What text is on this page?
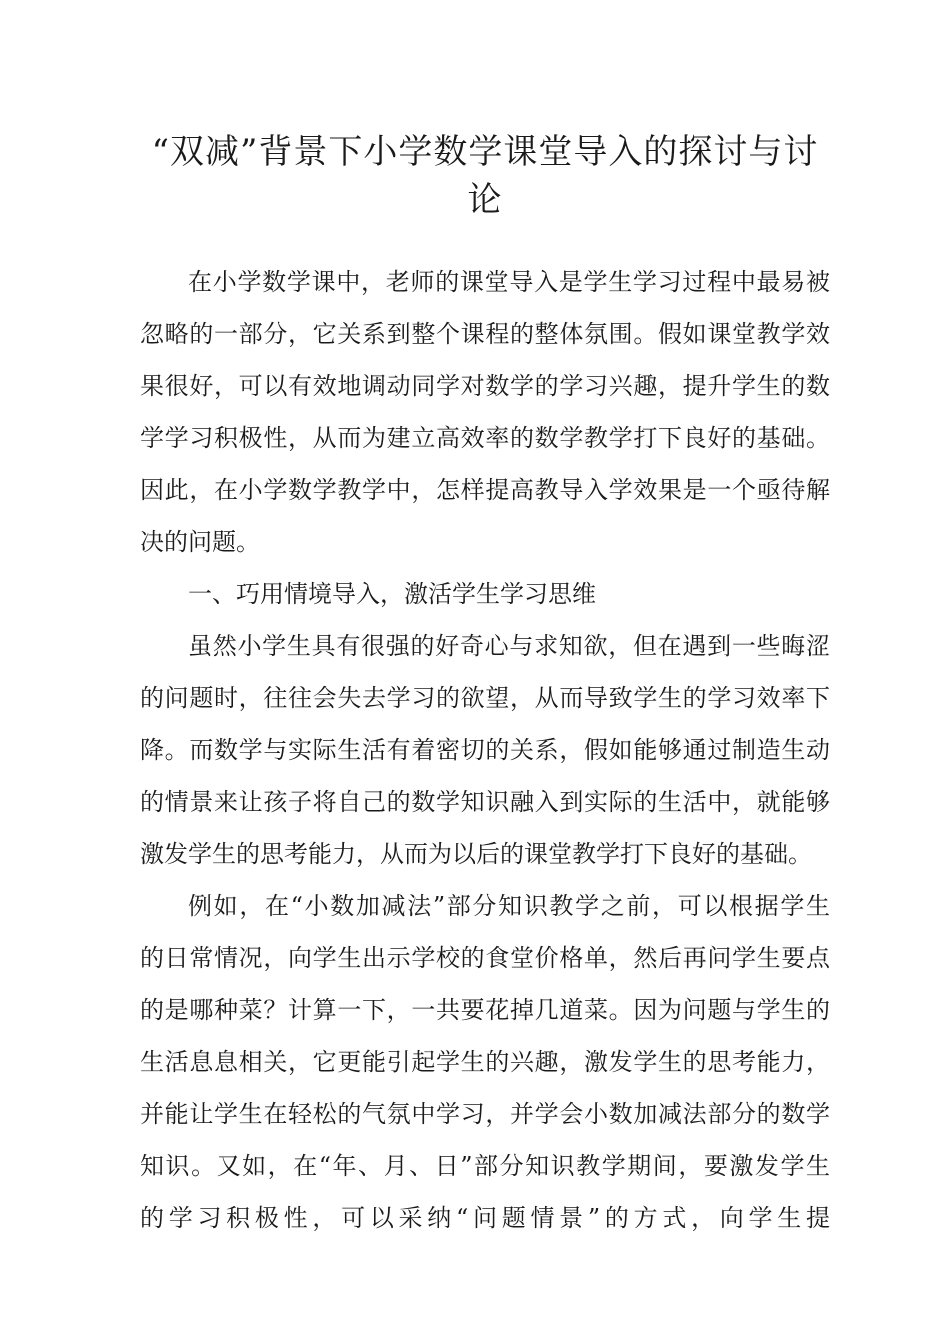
“双减”背景下小学数学课堂导入的探讨与讨论
在小学数学课中，老师的课堂导入是学生学习过程中最易被
忽略的一部分，它关系到整个课程的整体氛围。假如课堂教学效
果很好，可以有效地调动同学对数学的学习兴趣，提升学生的数
学学习积极性，从而为建立高效率的数学教学打下良好的基础。
因此，在小学数学教学中，怎样提高教导入学效果是一个亟待解
决的问题。
一、巧用情境导入，激活学生学习思维
虽然小学生具有很强的好奇心与求知欲，但在遇到一些晦涩
的问题时，往往会失去学习的欲望，从而导致学生的学习效率下
降。而数学与实际生活有着密切的关系，假如能够通过制造生动
的情景来让孩子将自己的数学知识融入到实际的生活中，就能够
激发学生的思考能力，从而为以后的课堂教学打下良好的基础。
例如，在“小数加减法”部分知识教学之前，可以根据学生
的日常情况，向学生出示学校的食堂价格单，然后再问学生要点
的是哪种菜？计算一下，一共要花掉几道菜。因为问题与学生的
生活息息相关，它更能引起学生的兴趣，激发学生的思考能力，
并能让学生在轻松的气氛中学习，并学会小数加减法部分的数学
知识。又如，在“年、月、日”部分知识教学期间，要激发学生
的学习积极性，可以采纳“问题情景”的方式，向学生提
